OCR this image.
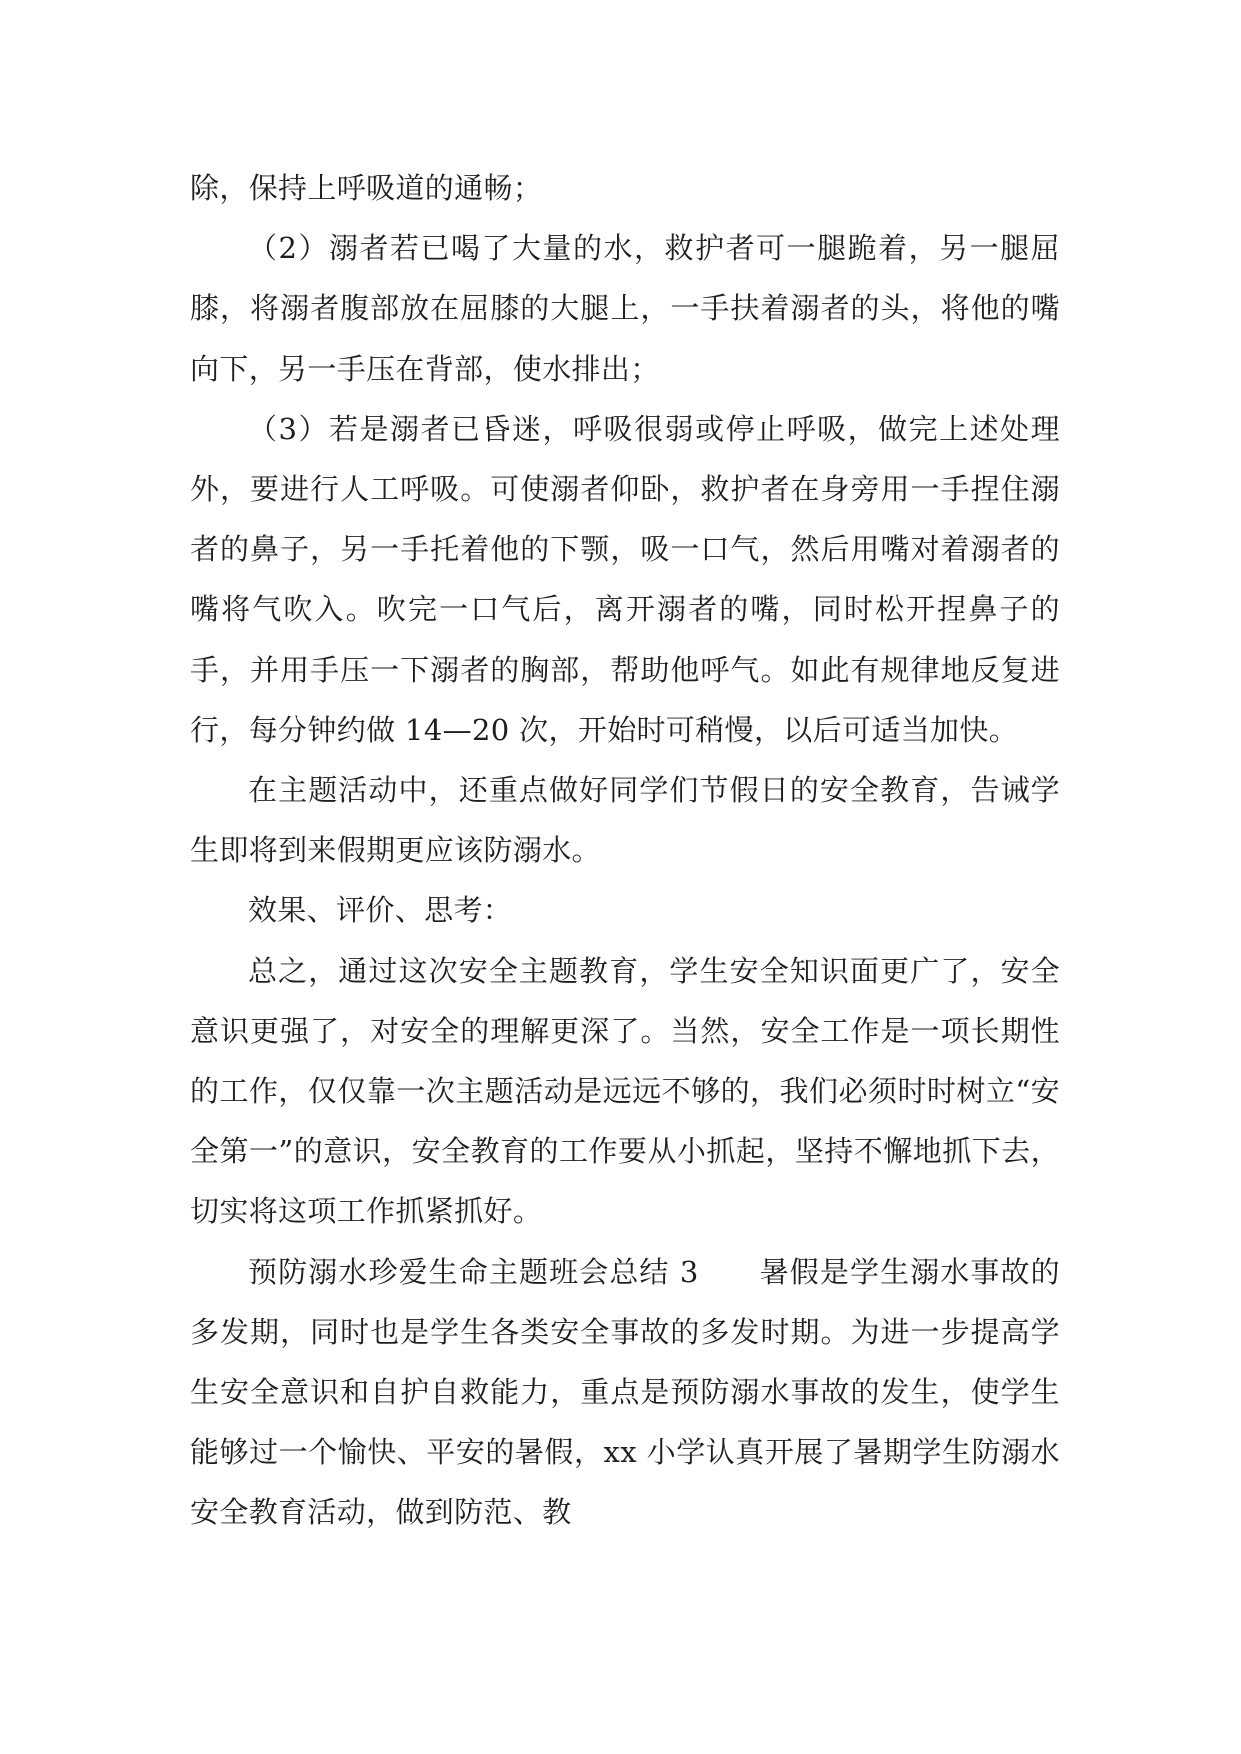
除，保持上呼吸道的通畅；

（2）溺者若已喝了大量的水，救护者可一腿跪着，另一腿屈膝，将溺者腹部放在屈膝的大腿上，一手扶着溺者的头，将他的嘴向下，另一手压在背部，使水排出；

（3）若是溺者已昏迷，呼吸很弱或停止呼吸，做完上述处理外，要进行人工呼吸。可使溺者仰卧，救护者在身旁用一手捏住溺者的鼻子，另一手托着他的下颚，吸一口气，然后用嘴对着溺者的嘴将气吹入。吹完一口气后，离开溺者的嘴，同时松开捏鼻子的手，并用手压一下溺者的胸部，帮助他呼气。如此有规律地反复进行，每分钟约做 14—20 次，开始时可稍慢，以后可适当加快。

在主题活动中，还重点做好同学们节假日的安全教育，告诫学生即将到来假期更应该防溺水。

效果、评价、思考：

总之，通过这次安全主题教育，学生安全知识面更广了，安全意识更强了，对安全的理解更深了。当然，安全工作是一项长期性的工作，仅仅靠一次主题活动是远远不够的，我们必须时时树立“安全第一”的意识，安全教育的工作要从小抓起，坚持不懈地抓下去，切实将这项工作抓紧抓好。

预防溺水珍爱生命主题班会总结 3　　暑假是学生溺水事故的多发期，同时也是学生各类安全事故的多发时期。为进一步提高学生安全意识和自护自救能力，重点是预防溺水事故的发生，使学生能够过一个愉快、平安的暑假，xx 小学认真开展了暑期学生防溺水安全教育活动，做到防范、教
